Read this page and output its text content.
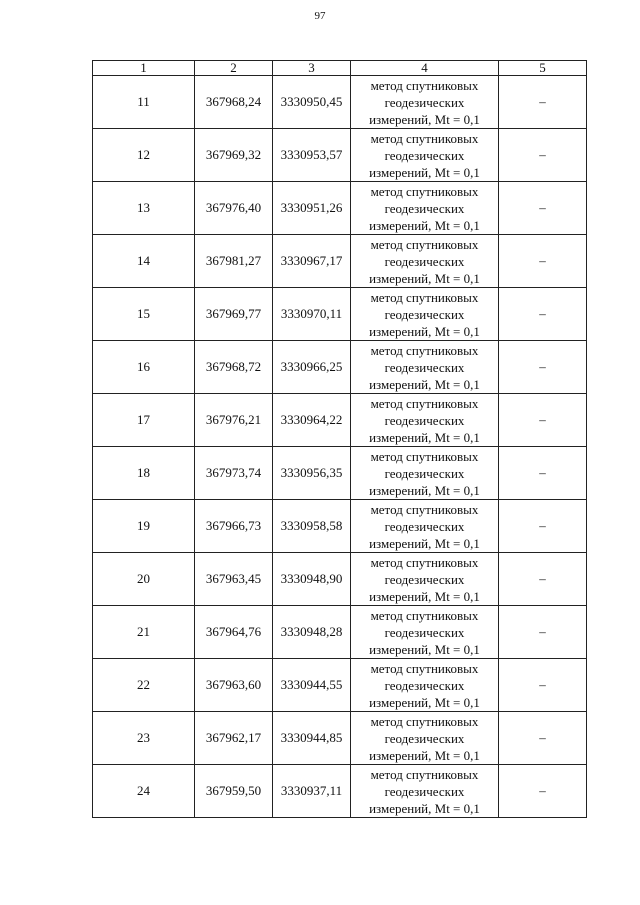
97
1	2	3	4	5
11	367968,24	3330950,45	метод спутниковых
геодезических
измерений, Mt = 0,1	–
12	367969,32	3330953,57	метод спутниковых
геодезических
измерений, Mt = 0,1	–
13	367976,40	3330951,26	метод спутниковых
геодезических
измерений, Mt = 0,1	–
14	367981,27	3330967,17	метод спутниковых
геодезических
измерений, Mt = 0,1	–
15	367969,77	3330970,11	метод спутниковых
геодезических
измерений, Mt = 0,1	–
16	367968,72	3330966,25	метод спутниковых
геодезических
измерений, Mt = 0,1	–
17	367976,21	3330964,22	метод спутниковых
геодезических
измерений, Mt = 0,1	–
18	367973,74	3330956,35	метод спутниковых
геодезических
измерений, Mt = 0,1	–
19	367966,73	3330958,58	метод спутниковых
геодезических
измерений, Mt = 0,1	–
20	367963,45	3330948,90	метод спутниковых
геодезических
измерений, Mt = 0,1	–
21	367964,76	3330948,28	метод спутниковых
геодезических
измерений, Mt = 0,1	–
22	367963,60	3330944,55	метод спутниковых
геодезических
измерений, Mt = 0,1	–
23	367962,17	3330944,85	метод спутниковых
геодезических
измерений, Mt = 0,1	–
24	367959,50	3330937,11	метод спутниковых
геодезических
измерений, Mt = 0,1	–
